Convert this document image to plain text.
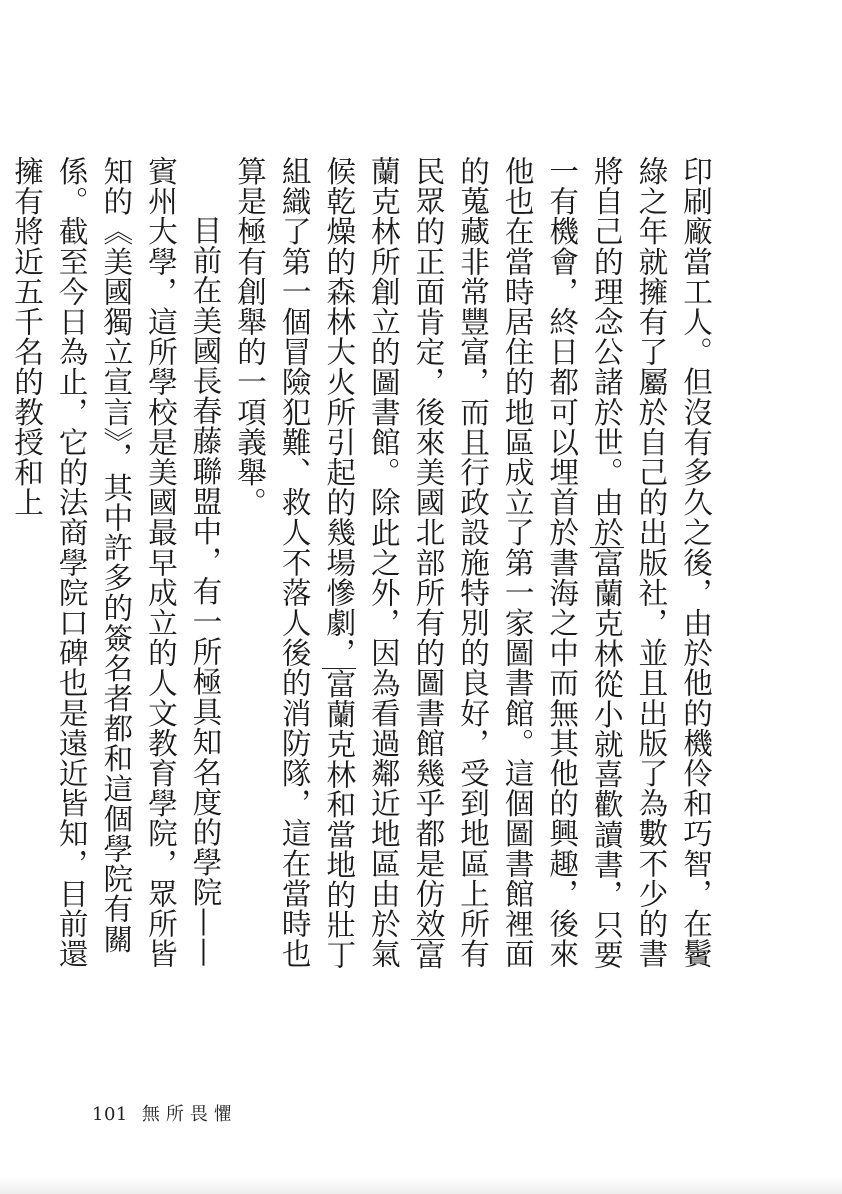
印刷廠當工人。但沒有多久之後，由於他的機伶和巧智，在鬢綠之年就擁有了屬於自己的出版社，並且出版了為數不少的書將自己的理念公諸於世。由於富蘭克林從小就喜歡讀書，只要一有機會，終日都可以埋首於書海之中而無其他的興趣，後來他也在當時居住的地區成立了第一家圖書館。這個圖書館裡面的蒐藏非常豐富，而且行政設施特別的良好，受到地區上所有民眾的正面肯定，後來美國北部所有的圖書館幾乎都是仿效富蘭克林所創立的圖書館。除此之外，因為看過鄰近地區由於氣候乾燥的森林大火所引起的幾場慘劇，富蘭克林和當地的壯丁組織了第一個冒險犯難、救人不落人後的消防隊，這在當時也算是極有創舉的一項義舉。

目前在美國長春藤聯盟中，有一所極具知名度的學院——賓州大學，這所學校是美國最早成立的人文教育學院，眾所皆知的《美國獨立宣言》，其中許多的簽名者都和這個學院有關係。截至今日為止，它的法商學院口碑也是遠近皆知，目前還擁有將近五千名的教授和上

101 無所畏懼
